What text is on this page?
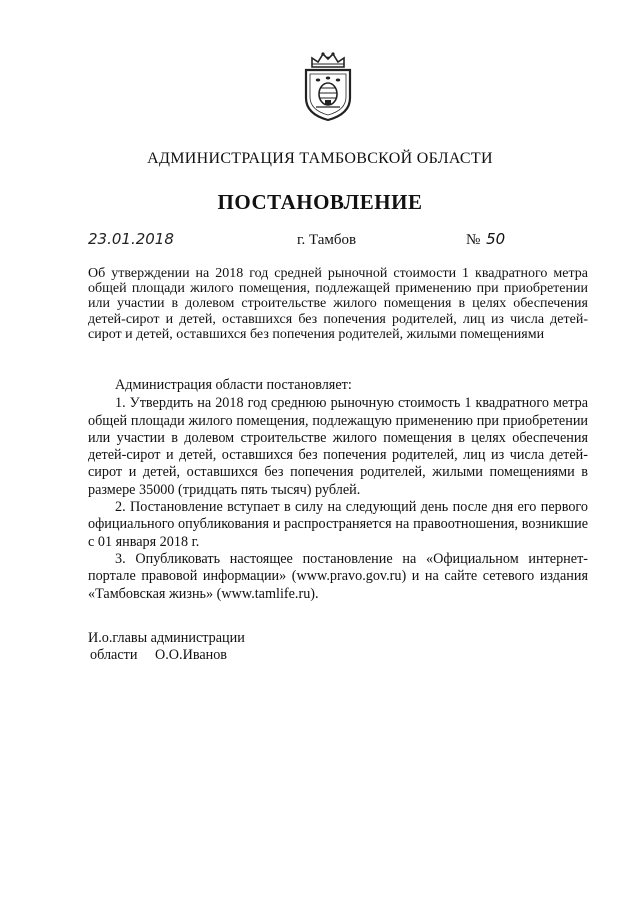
АДМИНИСТРАЦИЯ ТАМБОВСКОЙ ОБЛАСТИ
ПОСТАНОВЛЕНИЕ
23.01.2018	г. Тамбов	№ 50
Об утверждении на 2018 год средней рыночной стоимости 1 квадратного метра общей площади жилого помещения, подлежащей применению при приобретении или участии в долевом строительстве жилого помещения в целях обеспечения детей-сирот и детей, оставшихся без попечения родителей, лиц из числа детей-сирот и детей, оставшихся без попечения родителей, жилыми помещениями

Администрация области постановляет:

1. Утвердить на 2018 год среднюю рыночную стоимость 1 квадратного метра общей площади жилого помещения, подлежащую применению при приобретении или участии в долевом строительстве жилого помещения в целях обеспечения детей-сирот и детей, оставшихся без попечения родителей, лиц из числа детей-сирот и детей, оставшихся без попечения родителей, жилыми помещениями в размере 35000 (тридцать пять тысяч) рублей.

2. Постановление вступает в силу на следующий день после дня его первого официального опубликования и распространяется на правоотношения, возникшие с 01 января 2018 г.

3. Опубликовать настоящее постановление на «Официальном интернет-портале правовой информации» (www.pravo.gov.ru) и на сайте сетевого издания «Тамбовская жизнь» (www.tamlife.ru).

И.о.главы администрации
области О.О.Иванов
